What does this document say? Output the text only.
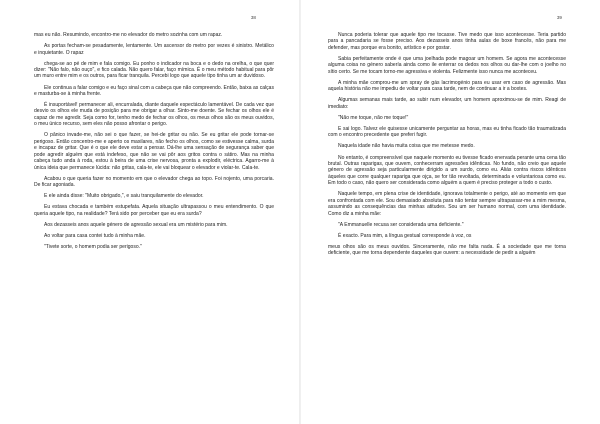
38

mas eu não. Resumindo, encontro-me no elevador do metro sozinha com um rapaz.

As portas fecham-se pesadamente, lentamente. Um ascensor do metro por vezes é sinistro. Metálico e inquietante. O rapaz

chega-se ao pé de mim e fala comigo. Eu ponho o indicador na boca e o dedo na orelha, o que quer dizer: "Não falo, não ouço", e fico calada. Não quero falar, faço mímica. É o meu método habitual para pôr um muro entre mim e os outros, para ficar tranquila. Percebi logo que aquele tipo tinha um ar duvidoso.

Ele continua a falar comigo e eu faço sinal com a cabeça que não compreendo. Então, baixa as calças e masturba-se à minha frente.

É insuportável! permanecer ali, encurralada, diante daquele espectáculo lamentável. De cada vez que desvio os olhos ele muda de posição para me obrigar a olhar. Sinto-me doente. Se fechar os olhos ele é capaz de me agredir. Seja como for, tenho medo de fechar os olhos, os meus olhos são os meus ouvidos, o meu único recurso, sem eles não posso afrontar o perigo.

O pânico invade-me, não sei o que fazer, se hei-de gritar ou não. Se eu gritar ele pode tornar-se perigoso. Então concentro-me e aperto os maxilares, não fecho os olhos, como se estivesse calma, surda e incapaz de gritar. Que é o que ele deve estar a pensar. Dá-lhe uma sensação de segurança saber que pode agredir alguém que está indefeso, que não se vai pôr aos gritos contra o sátiro. Mas na minha cabeça tudo anda à roda, estou à beira de uma crise nervosa, pronta a explodir, eléctrica. Agarro-me à única ideia que permanece lúcida: não gritas, cala-te, ele vai bloquear o elevador e violar-te. Cala-te.

Acabou o que queria fazer no momento em que o elevador chega ao topo. Foi nojento, uma porcaria. De ficar agoniada.

E ele ainda disse: "Muito obrigado,", e saiu tranquilamente do elevador.

Eu estava chocada e também estupefata. Aquela situação ultrapassou o meu entendimento. O que queria aquele tipo, na realidade? Terá sido por perceber que eu era surda?

Aos dezasseis anos aquele género de agressão sexual era um mistério para mim.

Ao voltar para casa contei tudo à minha mãe.

"Tivete sorte, o homem podia ser perigoso."

39

Nunca poderia tolerar que aquele tipo me tocasse. Tive medo que isso acontecesse. Teria partido para a pancadaria se fosse preciso. Aos dezasseis anos tinha aulas de boxe francês, não para me defender, mas porque era bonito, artístico e por gostar.

Sabia perfeitamente onde é que uma joelhada pode magoar um homem. Se agora me acontecesse alguma coisa no género sabería ainda como ile enterrar os dedos nos olhos ou dar-lhe com o joelho no sítio certo. Se me tocam torno-me agressiva e violenta. Felizmente isso nunca me aconteceu.

A minha mãe comprou-me um spray de gás lacrimogénio para eu usar em caso de agressão. Mas aquela história não me impediu de voltar para casa tarde, nem de continuar a ir a boxtes.

Algumas semanas mais tarde, ao subir num elevador, um homem aproximou-se de mim. Reagi de imediato:

"Não me toque, não me toque!"

E sai logo. Talvez ele quisesse unicamente perguntar as horas, mas eu tinha ficado tão traumatizada com o encontro precedente que preferi fugir.

Naquela idade não havia muita coisa que me metesse medo.

No entanto, é compreensível que naquele momento eu tivesse ficado enervada perante uma cena tão brutal. Outras raparigas, que ouvem, conhecerram agressões idênticas. No fundo, não creio que aquele género de agressão seja particularmente dirigido a um surdo, como eu. Aliás contra riscos idênticos àqueles que corre qualquer rapariga que ojça, se for tão revoltada, determinada e voluntariosa como eu. Em todo o caso, não quero ser considerada como alguém a quem é preciso proteger a todo o custo.

Naquele tempo, em plena crise de identidade, ignorava totalmente o perigo, até ao momento em que era confrontada com ele. Sou demasiado absoluta para não tentar sempre ultrapassar-me a mim mesma, assumindo as consequências das minhas atitudes. Sou um ser humano normal, com uma identidade. Como diz a minha mãe:

"A Emmanuelle recusa ser considerada uma deficiente."

É exacto. Para mim, a língua gestual corresponde à voz, os

meus olhos são os meus ouvidos. Sinceramente, não me falta nada. É a sociedade que me torna deficiente, que me torna dependente daqueles que ouvem: a necessidade de pedir a alguém
